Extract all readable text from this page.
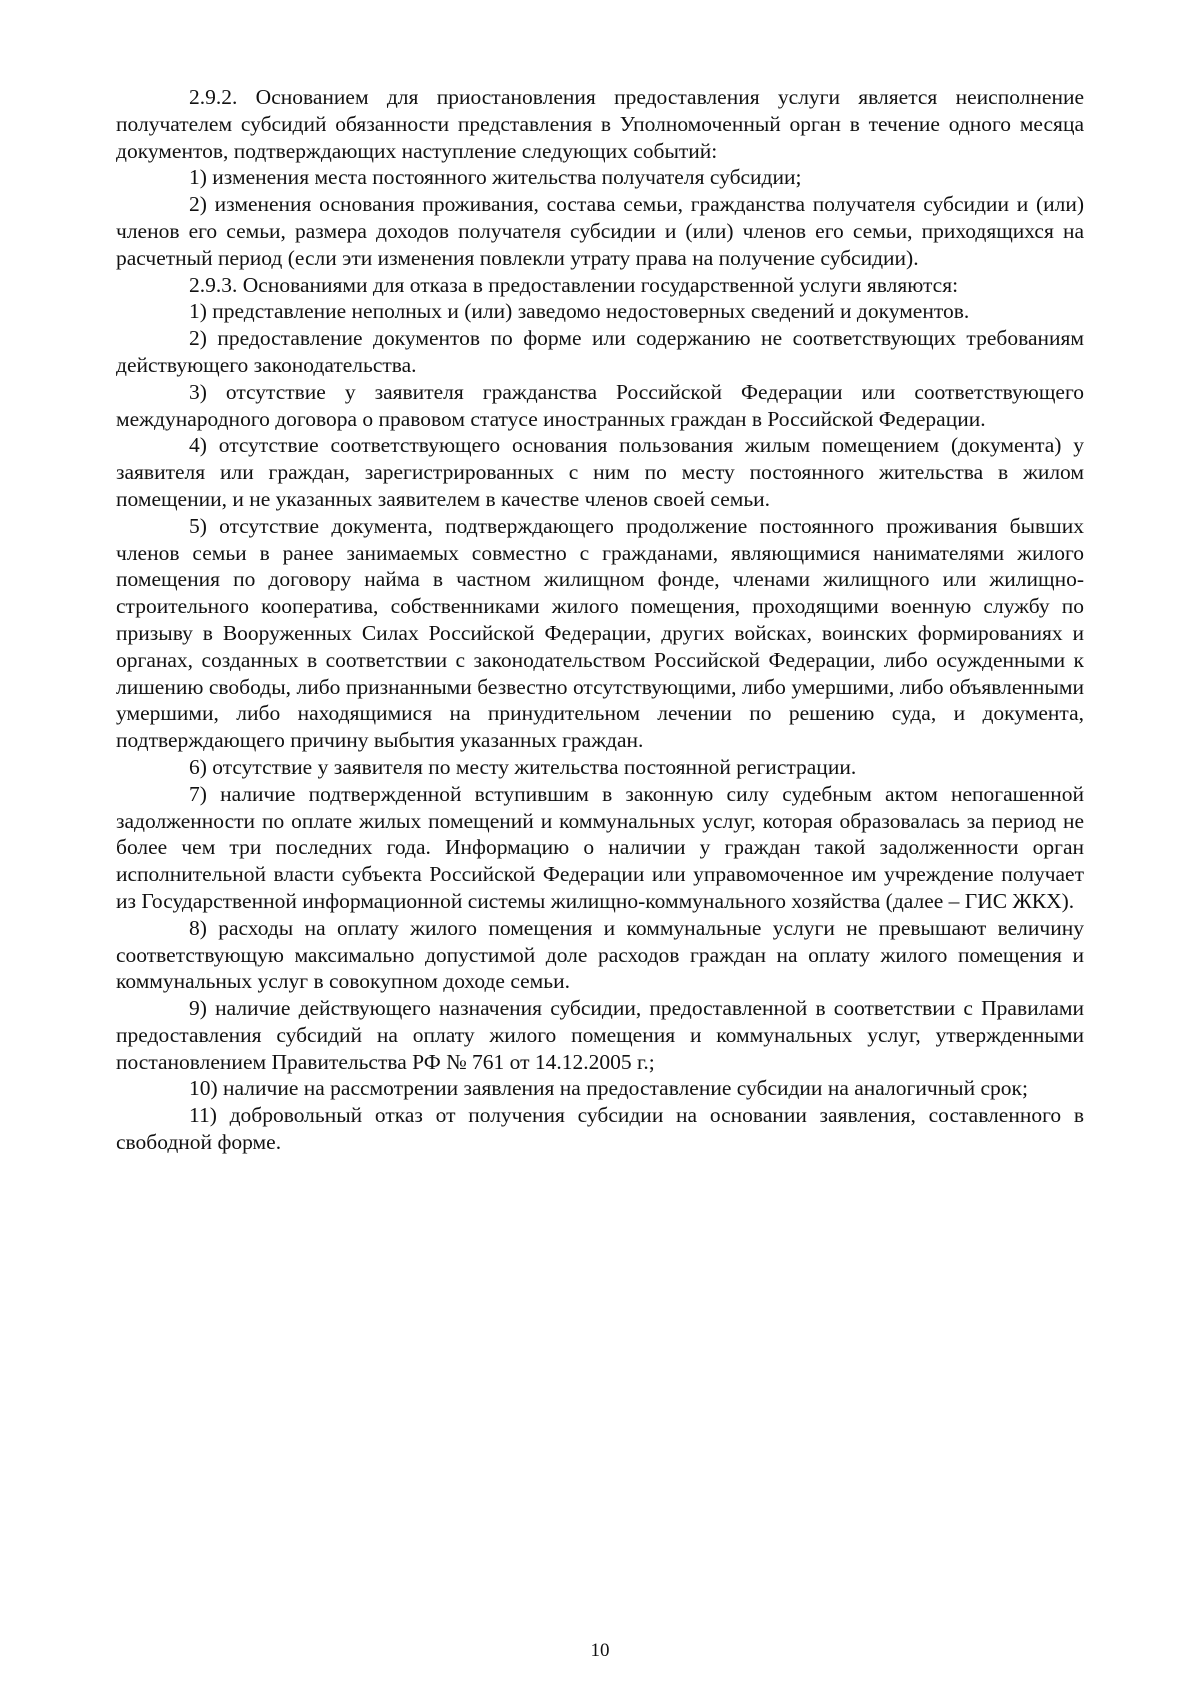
2.9.2. Основанием для приостановления предоставления услуги является неисполнение получателем субсидий обязанности представления в Уполномоченный орган в течение одного месяца документов, подтверждающих наступление следующих событий:

1) изменения места постоянного жительства получателя субсидии;

2) изменения основания проживания, состава семьи, гражданства получателя субсидии и (или) членов его семьи, размера доходов получателя субсидии и (или) членов его семьи, приходящихся на расчетный период (если эти изменения повлекли утрату права на получение субсидии).

2.9.3. Основаниями для отказа в предоставлении государственной услуги являются:

1) представление неполных и (или) заведомо недостоверных сведений и документов.

2) предоставление документов по форме или содержанию не соответствующих требованиям действующего законодательства.

3) отсутствие у заявителя гражданства Российской Федерации или соответствующего международного договора о правовом статусе иностранных граждан в Российской Федерации.

4) отсутствие соответствующего основания пользования жилым помещением (документа) у заявителя или граждан, зарегистрированных с ним по месту постоянного жительства в жилом помещении, и не указанных заявителем в качестве членов своей семьи.

5) отсутствие документа, подтверждающего продолжение постоянного проживания бывших членов семьи в ранее занимаемых совместно с гражданами, являющимися нанимателями жилого помещения по договору найма в частном жилищном фонде, членами жилищного или жилищно-строительного кооператива, собственниками жилого помещения, проходящими военную службу по призыву в Вооруженных Силах Российской Федерации, других войсках, воинских формированиях и органах, созданных в соответствии с законодательством Российской Федерации, либо осужденными к лишению свободы, либо признанными безвестно отсутствующими, либо умершими, либо объявленными умершими, либо находящимися на принудительном лечении по решению суда, и документа, подтверждающего причину выбытия указанных граждан.

6) отсутствие у заявителя по месту жительства постоянной регистрации.

7) наличие подтвержденной вступившим в законную силу судебным актом непогашенной задолженности по оплате жилых помещений и коммунальных услуг, которая образовалась за период не более чем три последних года. Информацию о наличии у граждан такой задолженности орган исполнительной власти субъекта Российской Федерации или управомоченное им учреждение получает из Государственной информационной системы жилищно-коммунального хозяйства (далее – ГИС ЖКХ).

8) расходы на оплату жилого помещения и коммунальные услуги не превышают величину соответствующую максимально допустимой доле расходов граждан на оплату жилого помещения и коммунальных услуг в совокупном доходе семьи.

9) наличие действующего назначения субсидии, предоставленной в соответствии с Правилами предоставления субсидий на оплату жилого помещения и коммунальных услуг, утвержденными постановлением Правительства РФ № 761 от 14.12.2005 г.;

10) наличие на рассмотрении заявления на предоставление субсидии на аналогичный срок;

11) добровольный отказ от получения субсидии на основании заявления, составленного в свободной форме.

10
